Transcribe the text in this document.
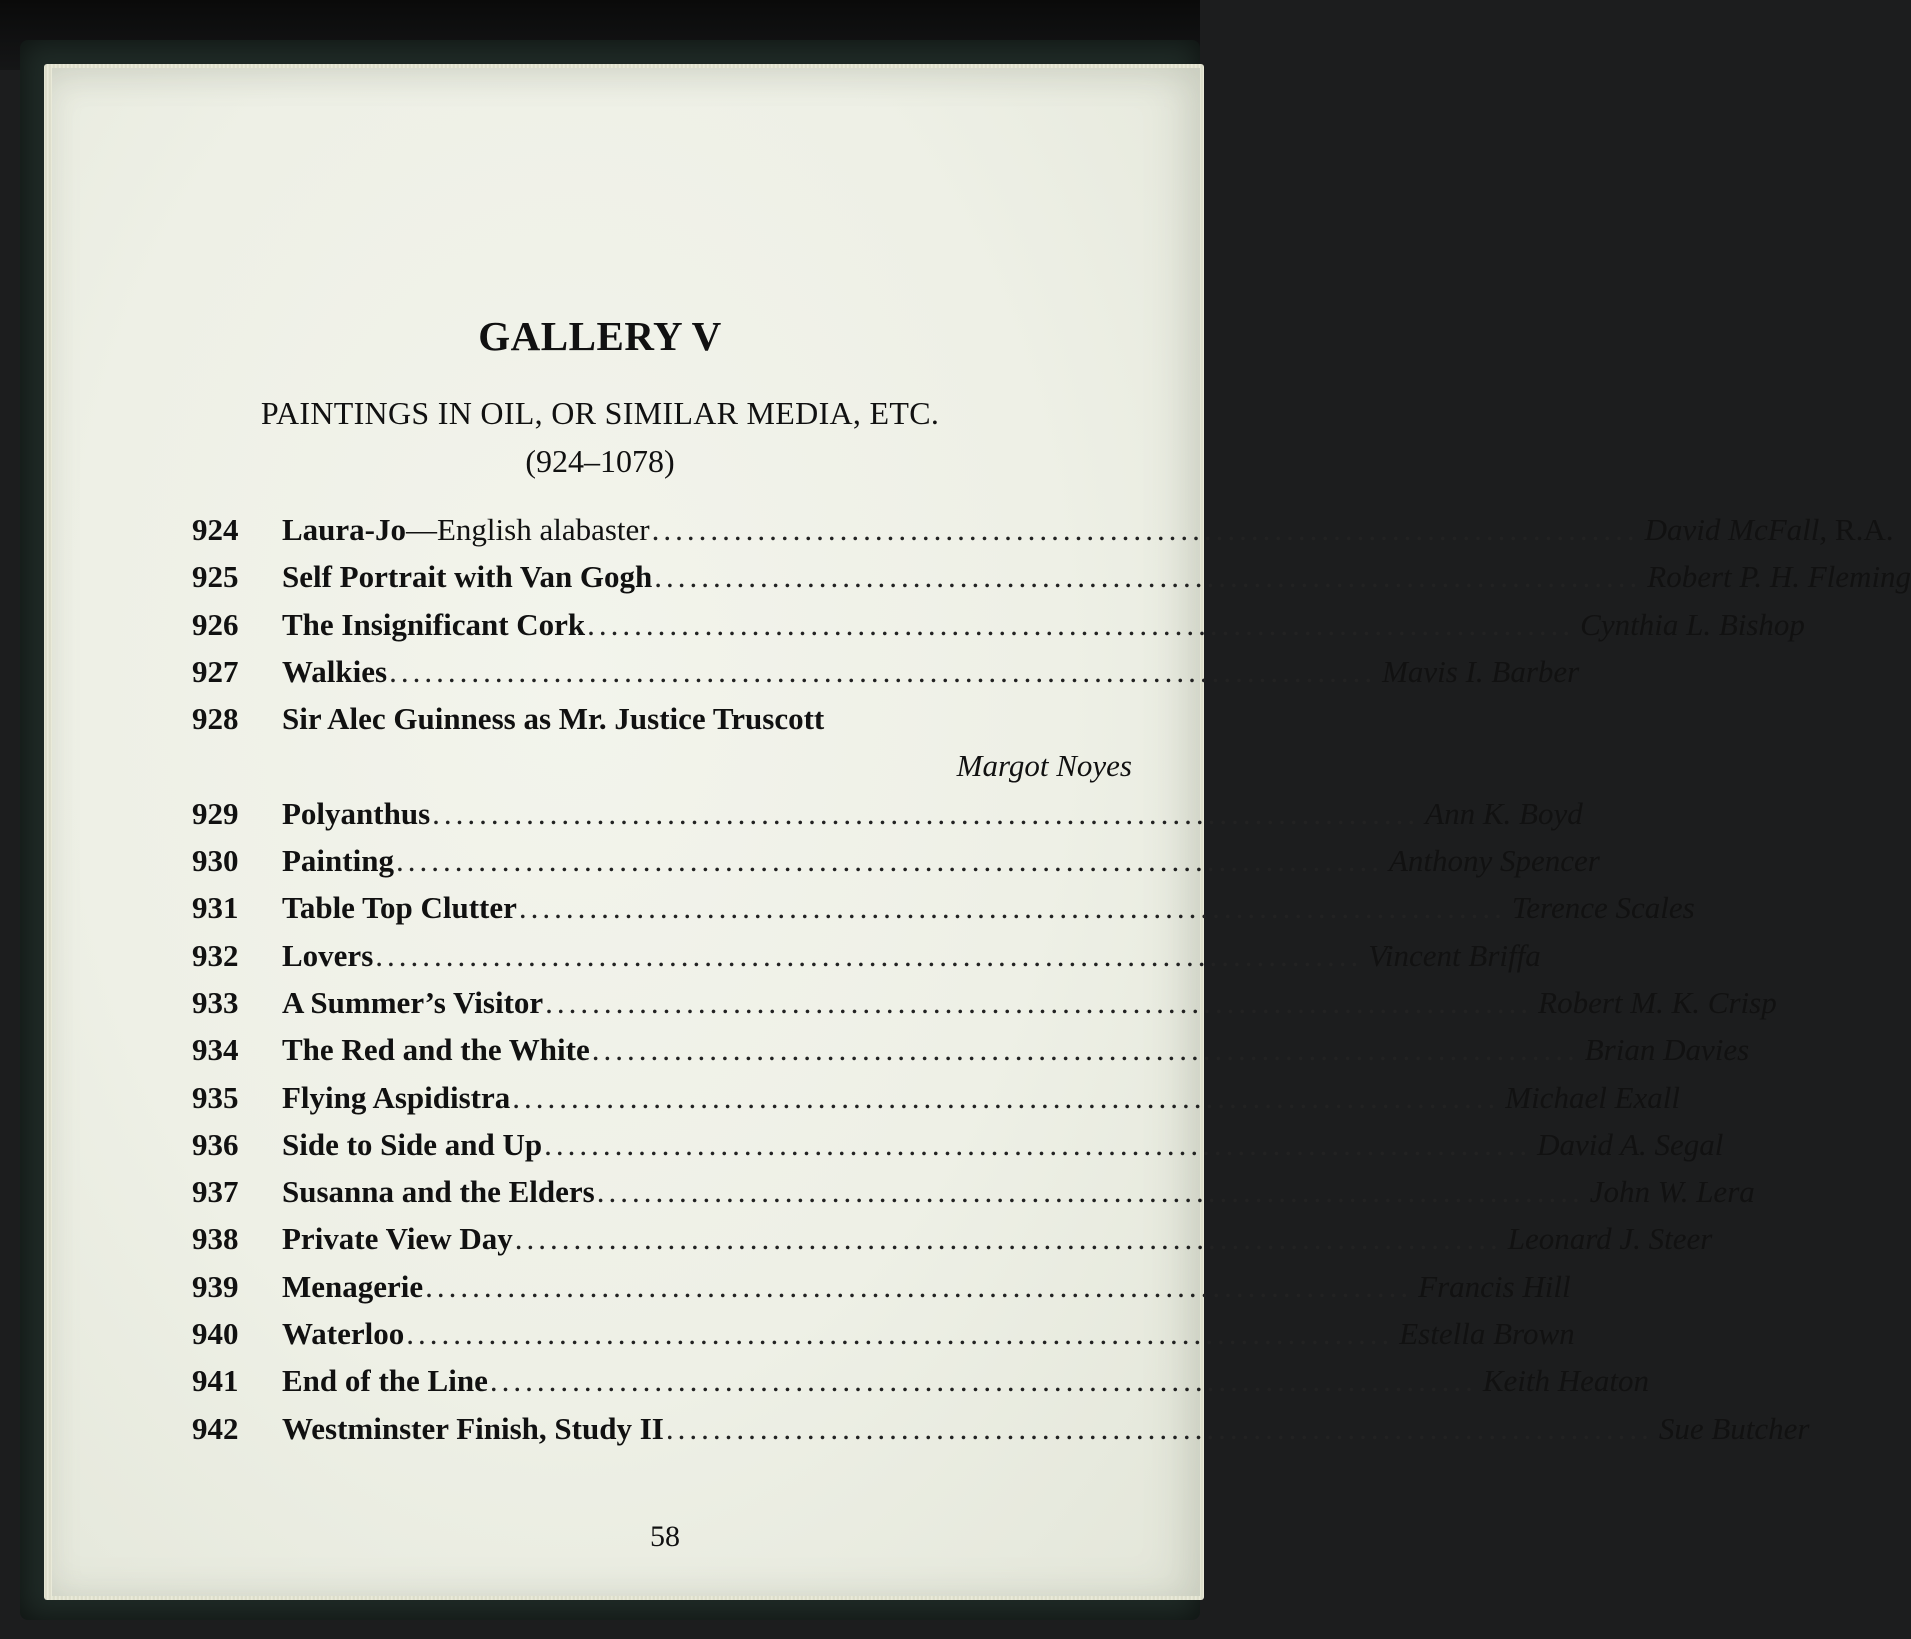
GALLERY V
PAINTINGS IN OIL, OR SIMILAR MEDIA, ETC.
(924–1078)
924	Laura-Jo—English alabaster .................................................................................... David McFall, R.A.
925	Self Portrait with Van Gogh .................................................................................... Robert P. H. Fleming
926	The Insignificant Cork .................................................................................... Cynthia L. Bishop
927	Walkies .................................................................................... Mavis I. Barber
928	Sir Alec Guinness as Mr. Justice Truscott
Margot Noyes
929	Polyanthus .................................................................................... Ann K. Boyd
930	Painting .................................................................................... Anthony Spencer
931	Table Top Clutter .................................................................................... Terence Scales
932	Lovers .................................................................................... Vincent Briffa
933	A Summer’s Visitor .................................................................................... Robert M. K. Crisp
934	The Red and the White .................................................................................... Brian Davies
935	Flying Aspidistra .................................................................................... Michael Exall
936	Side to Side and Up .................................................................................... David A. Segal
937	Susanna and the Elders .................................................................................... John W. Lera
938	Private View Day .................................................................................... Leonard J. Steer
939	Menagerie .................................................................................... Francis Hill
940	Waterloo .................................................................................... Estella Brown
941	End of the Line .................................................................................... Keith Heaton
942	Westminster Finish, Study II .................................................................................... Sue Butcher
58
